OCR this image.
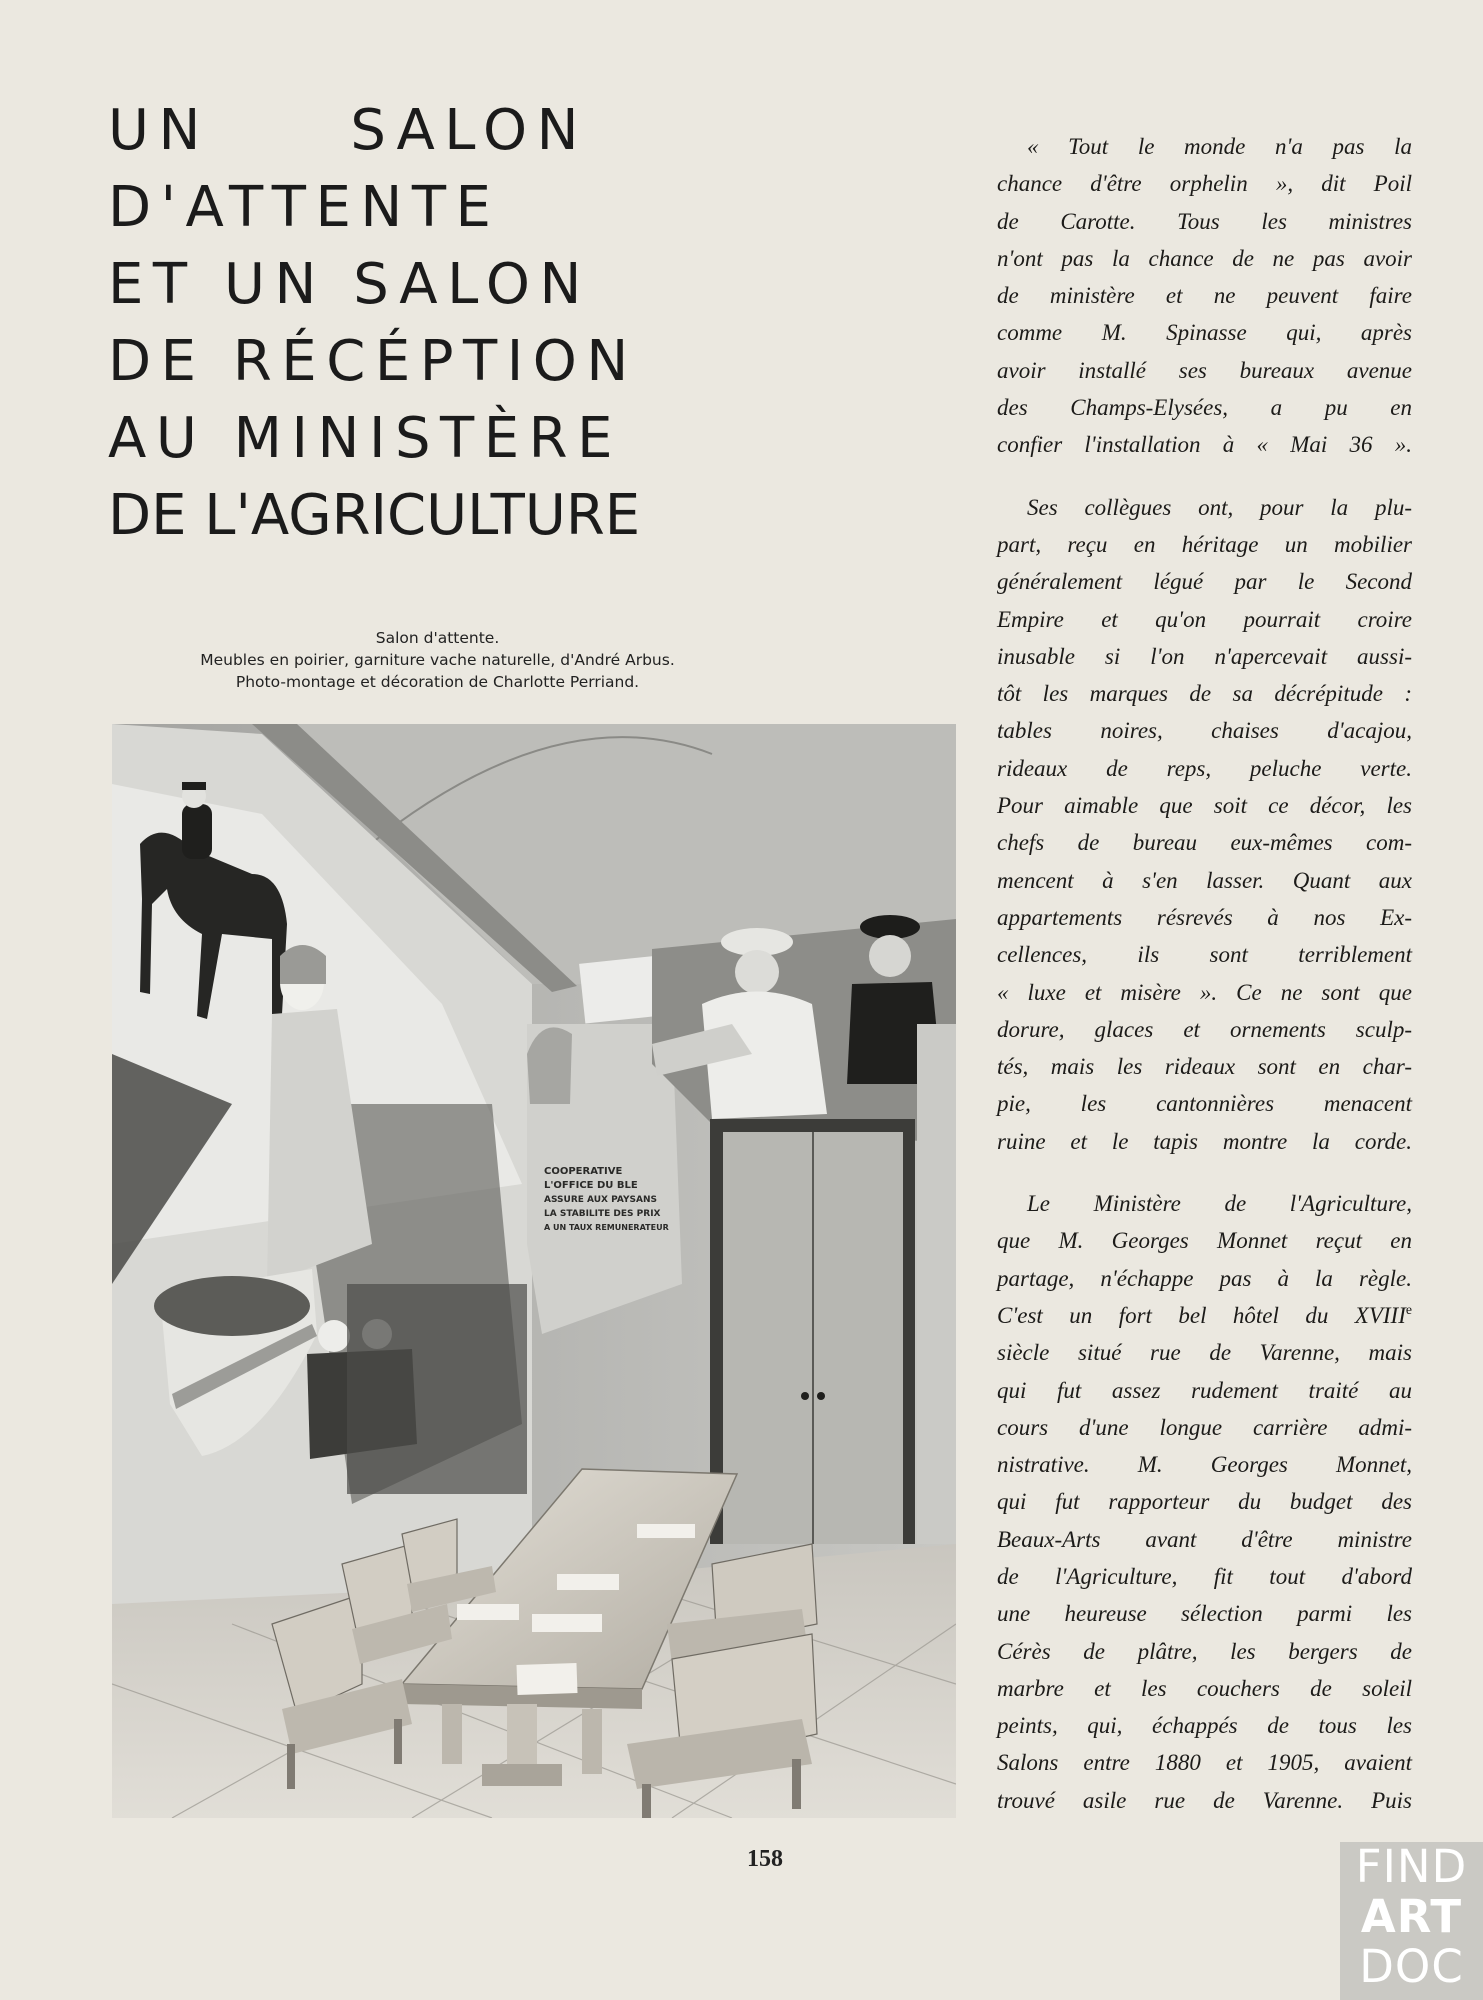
UN SALON
D'ATTENTE
ET UN SALON
DE RÉCÉPTION
AU MINISTÈRE
DE L'AGRICULTURE
Salon d'attente.
Meubles en poirier, garniture vache naturelle, d'André Arbus.
Photo-montage et décoration de Charlotte Perriand.
COOPERATIVE
L'OFFICE DU BLE
ASSURE AUX PAYSANS
LA STABILITE DES PRIX
A UN TAUX REMUNERATEUR

« Tout le monde n'a pas la
chance d'être orphelin », dit Poil
de Carotte. Tous les ministres
n'ont pas la chance de ne pas avoir
de ministère et ne peuvent faire
comme M. Spinasse qui, après
avoir installé ses bureaux avenue
des Champs-Elysées, a pu en
confier l'installation à « Mai 36 ».

Ses collègues ont, pour la plu-
part, reçu en héritage un mobilier
généralement légué par le Second
Empire et qu'on pourrait croire
inusable si l'on n'apercevait aussi-
tôt les marques de sa décrépitude :
tables noires, chaises d'acajou,
rideaux de reps, peluche verte.
Pour aimable que soit ce décor, les
chefs de bureau eux-mêmes com-
mencent à s'en lasser. Quant aux
appartements résrevés à nos Ex-
cellences, ils sont terriblement
« luxe et misère ». Ce ne sont que
dorure, glaces et ornements sculp-
tés, mais les rideaux sont en char-
pie, les cantonnières menacent
ruine et le tapis montre la corde.

Le Ministère de l'Agriculture,
que M. Georges Monnet reçut en
partage, n'échappe pas à la règle.
C'est un fort bel hôtel du XVIIIe
siècle situé rue de Varenne, mais
qui fut assez rudement traité au
cours d'une longue carrière admi-
nistrative. M. Georges Monnet,
qui fut rapporteur du budget des
Beaux-Arts avant d'être ministre
de l'Agriculture, fit tout d'abord
une heureuse sélection parmi les
Cérès de plâtre, les bergers de
marbre et les couchers de soleil
peints, qui, échappés de tous les
Salons entre 1880 et 1905, avaient
trouvé asile rue de Varenne. Puis

158	FIND
ART
DOC
